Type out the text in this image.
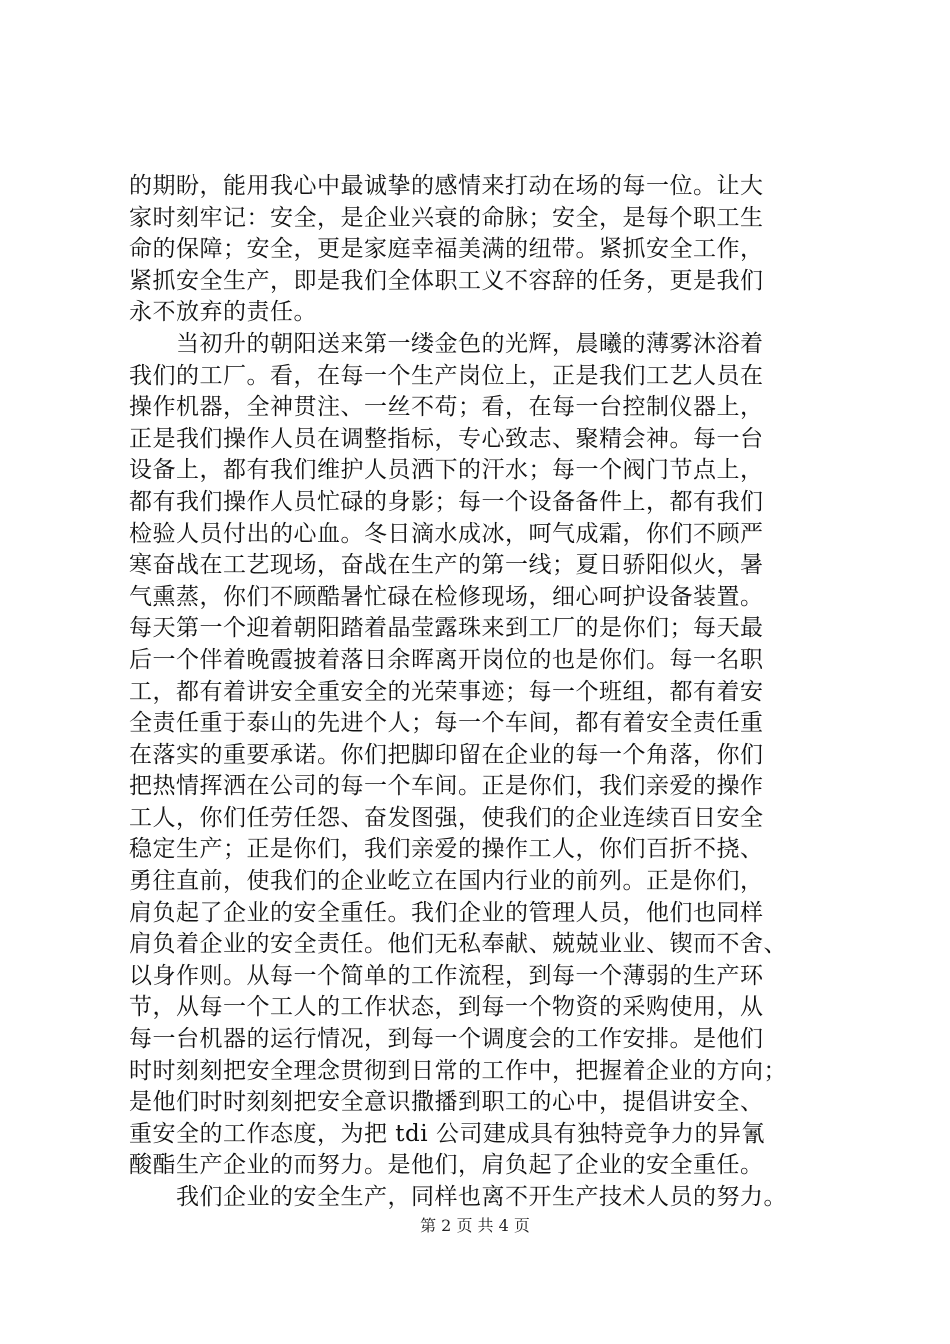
的期盼，能用我心中最诚挚的感情来打动在场的每一位。让大
家时刻牢记：安全，是企业兴衰的命脉；安全，是每个职工生
命的保障；安全，更是家庭幸福美满的纽带。紧抓安全工作，
紧抓安全生产，即是我们全体职工义不容辞的任务，更是我们
永不放弃的责任。
　　当初升的朝阳送来第一缕金色的光辉，晨曦的薄雾沐浴着
我们的工厂。看，在每一个生产岗位上，正是我们工艺人员在
操作机器，全神贯注、一丝不苟；看，在每一台控制仪器上，
正是我们操作人员在调整指标，专心致志、聚精会神。每一台
设备上，都有我们维护人员洒下的汗水；每一个阀门节点上，
都有我们操作人员忙碌的身影；每一个设备备件上，都有我们
检验人员付出的心血。冬日滴水成冰，呵气成霜，你们不顾严
寒奋战在工艺现场，奋战在生产的第一线；夏日骄阳似火，暑
气熏蒸，你们不顾酷暑忙碌在检修现场，细心呵护设备装置。
每天第一个迎着朝阳踏着晶莹露珠来到工厂的是你们；每天最
后一个伴着晚霞披着落日余晖离开岗位的也是你们。每一名职
工，都有着讲安全重安全的光荣事迹；每一个班组，都有着安
全责任重于泰山的先进个人；每一个车间，都有着安全责任重
在落实的重要承诺。你们把脚印留在企业的每一个角落，你们
把热情挥洒在公司的每一个车间。正是你们，我们亲爱的操作
工人，你们任劳任怨、奋发图强，使我们的企业连续百日安全
稳定生产；正是你们，我们亲爱的操作工人，你们百折不挠、
勇往直前，使我们的企业屹立在国内行业的前列。正是你们，
肩负起了企业的安全重任。我们企业的管理人员，他们也同样
肩负着企业的安全责任。他们无私奉献、兢兢业业、锲而不舍、
以身作则。从每一个简单的工作流程，到每一个薄弱的生产环
节，从每一个工人的工作状态，到每一个物资的采购使用，从
每一台机器的运行情况，到每一个调度会的工作安排。是他们
时时刻刻把安全理念贯彻到日常的工作中，把握着企业的方向；
是他们时时刻刻把安全意识撒播到职工的心中，提倡讲安全、
重安全的工作态度，为把 tdi 公司建成具有独特竞争力的异氰
酸酯生产企业的而努力。是他们，肩负起了企业的安全重任。
　　我们企业的安全生产，同样也离不开生产技术人员的努力。
第 2 页 共 4 页
